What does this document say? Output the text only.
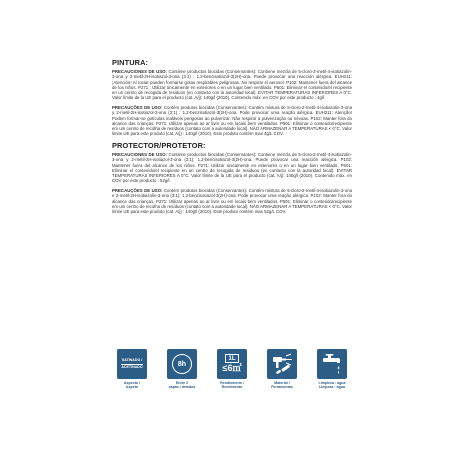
PINTURA:

PRECAUCIONES DE USO: Contiene productos biocidas (Conservantes): Contiene mezcla de 5-cloro-2-metil-4-isotiazolin-3-ona y 2-metil-2H-isotiazol-3-ona (3:1) ; 1,2-bencisotiazol-3(2H)-ona. Puede provocar una reacción alérgica. EUH211: ¡Atención! Al rociar pueden formarse gotas respirables peligrosas. No respirar el aerosol. P102: Mantener fuera del alcance de los niños. P271 : Utilizar únicamente en exteriores o en un lugar bien ventilado. P501: Eliminar el contenido/el recipiente en un centro de recogida de residuos (en contacto con la autoridad local). EVITAR TEMPERATURAS INFERIORES A 0°C. Valor límite de la UE para el producto (cat. A/j): 140g/l (2010). Contenido máx. en COV por este producto : 4g/l.

PRECAUÇÕES DE USO: Contém produtos biocidas (Conservantes): Contém mistura de 5-cloro-2-metil-4-isotiazolin-3-ona y 2-metil-2H-isotiazol-3-ona (3:1) ; 1,2-benzisotiazol-3(2H)-ona. Pode provocar uma reação alérgica. EUH211: Atenção! Podem formar-se gotículas inaláveis perigosas ao pulverizar. Não respirar a pulverização ou névoas. P102: Manter fora do alcance das crianças. P271: Utilizar apenas ao ar livre ou em locais bem ventilados. P501: Eliminar o conteúdo/recipiente em um centro de recolha de resíduos (contato com a autoridade local). NÃO ARMAZENAR A TEMPERATURAS < 0°C. Valor limite UE para este produto (cat. A/j) : 140g/l (2010). Este produto contém max 4g/L COV.

PROTECTOR/PROTETOR:

PRECAUCIONES DE USO: Contiene productos biocidas (Conservantes): Contiene mezcla de 5-cloro-2-metil-4-isotiazolin-3-ona y 2-metil-2H-isotiazol-3-ona (3:1); 1,2-bencisotiazol-3(2H)-ona. Puede provocar una reacción alérgica. P102: Mantener fuera del alcance de los niños. P271: Utilizar únicamente en exteriores o en un lugar bien ventilado. P501: Eliminar el contenido/el recipiente en un centro de recogida de residuos (en contacto con la autoridad local). EVITAR TEMPERATURAS INFERIORES A 0°C. Valor límite de la UE para el producto (cat. A/j): 140g/l (2010). Contenido máx. en COV por este producto : 52g/l.

PRECAUÇÕES DE USO: Contém produtos biocidas (Conservantes): Contém mistura de 5-cloro-2-metil-4-isotiazolin-3-ona e 2-metil-2H-isotiazolin-3-ona (3:1); 1,2-benzisotiazol-3(2H)-ona. Pode provocar uma reação alérgica. P102: Manter fora do alcance das crianças. P271: Utilizar apenas ao ar livre ou em locais bem ventilados. P501: Eliminar o conteúdo/recipiente em um centro de recolha de resíduos (contato com a autoridade local). NÃO ARMAZENAR A TEMPERATURAS < 0°C. Valor limite UE para este produto (cat. A/j) : 140g/l (2010). Este produto contém max 52g/L COV.

SATINADO /
ACETINADO
Aspecto /
Aspeto
8h
Entre 2
capas / demãos
1L
≤6㎡
Rendimiento /
Rendimento
Material /
Ferramentas
Limpieza : agua
Limpeza : água
